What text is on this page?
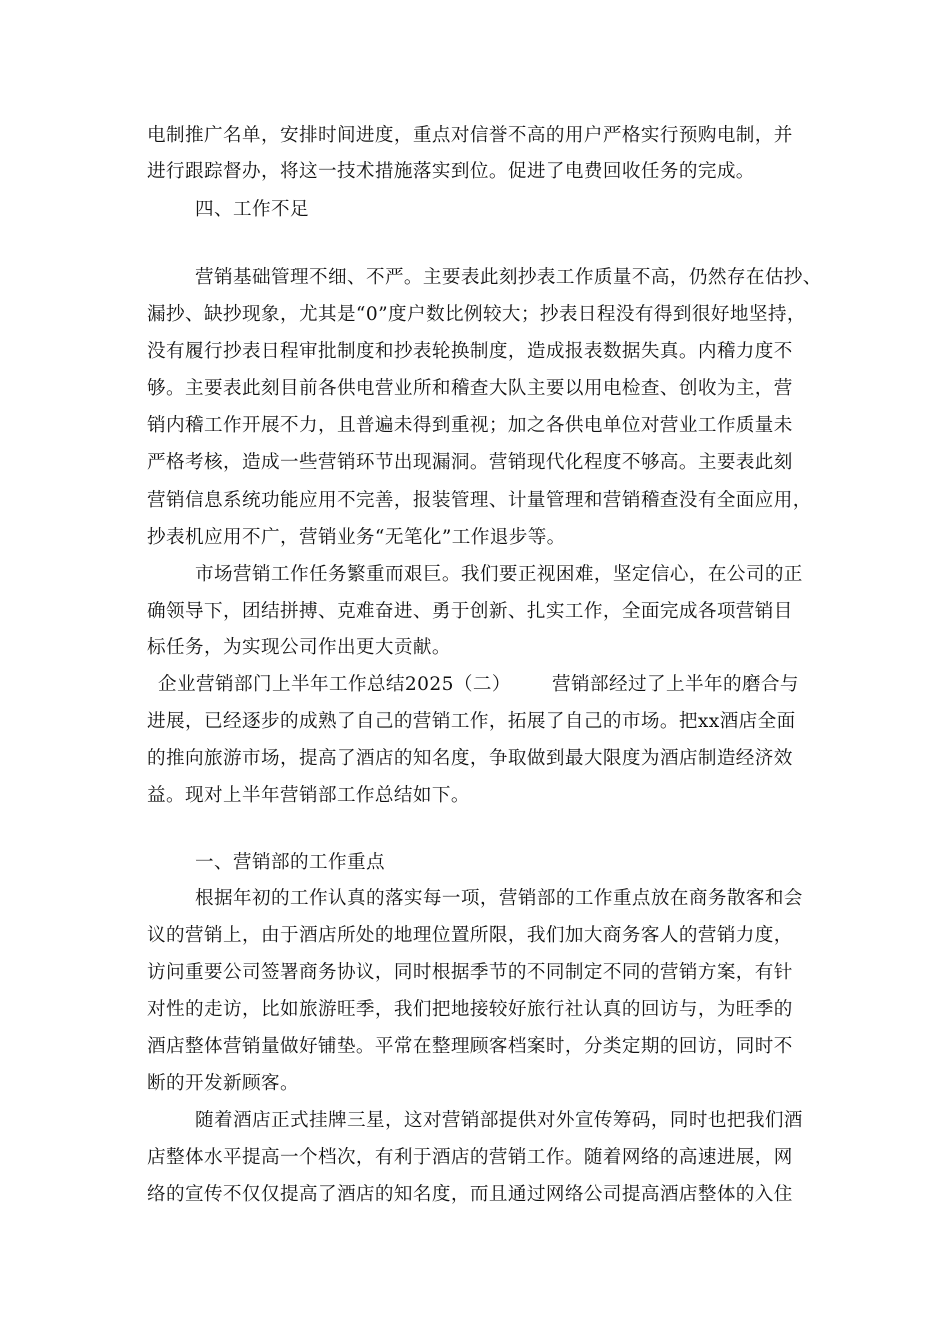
电制推广名单，安排时间进度，重点对信誉不高的用户严格实行预购电制，并
进行跟踪督办，将这一技术措施落实到位。促进了电费回收任务的完成。
四、工作不足
营销基础管理不细、不严。主要表此刻抄表工作质量不高，仍然存在估抄、
漏抄、缺抄现象，尤其是“0”度户数比例较大；抄表日程没有得到很好地坚持，
没有履行抄表日程审批制度和抄表轮换制度，造成报表数据失真。内稽力度不
够。主要表此刻目前各供电营业所和稽查大队主要以用电检查、创收为主，营
销内稽工作开展不力，且普遍未得到重视；加之各供电单位对营业工作质量未
严格考核，造成一些营销环节出现漏洞。营销现代化程度不够高。主要表此刻
营销信息系统功能应用不完善，报装管理、计量管理和营销稽查没有全面应用，
抄表机应用不广，营销业务“无笔化”工作退步等。
市场营销工作任务繁重而艰巨。我们要正视困难，坚定信心，在公司的正
确领导下，团结拼搏、克难奋进、勇于创新、扎实工作，全面完成各项营销目
标任务，为实现公司作出更大贡献。
企业营销部门上半年工作总结2025（二） 营销部经过了上半年的磨合与
进展，已经逐步的成熟了自己的营销工作，拓展了自己的市场。把xx酒店全面
的推向旅游市场，提高了酒店的知名度，争取做到最大限度为酒店制造经济效
益。现对上半年营销部工作总结如下。
一、营销部的工作重点
根据年初的工作认真的落实每一项，营销部的工作重点放在商务散客和会
议的营销上，由于酒店所处的地理位置所限，我们加大商务客人的营销力度，
访问重要公司签署商务协议，同时根据季节的不同制定不同的营销方案，有针
对性的走访，比如旅游旺季，我们把地接较好旅行社认真的回访与，为旺季的
酒店整体营销量做好铺垫。平常在整理顾客档案时，分类定期的回访，同时不
断的开发新顾客。
随着酒店正式挂牌三星，这对营销部提供对外宣传筹码，同时也把我们酒
店整体水平提高一个档次，有利于酒店的营销工作。随着网络的高速进展，网
络的宣传不仅仅提高了酒店的知名度，而且通过网络公司提高酒店整体的入住
